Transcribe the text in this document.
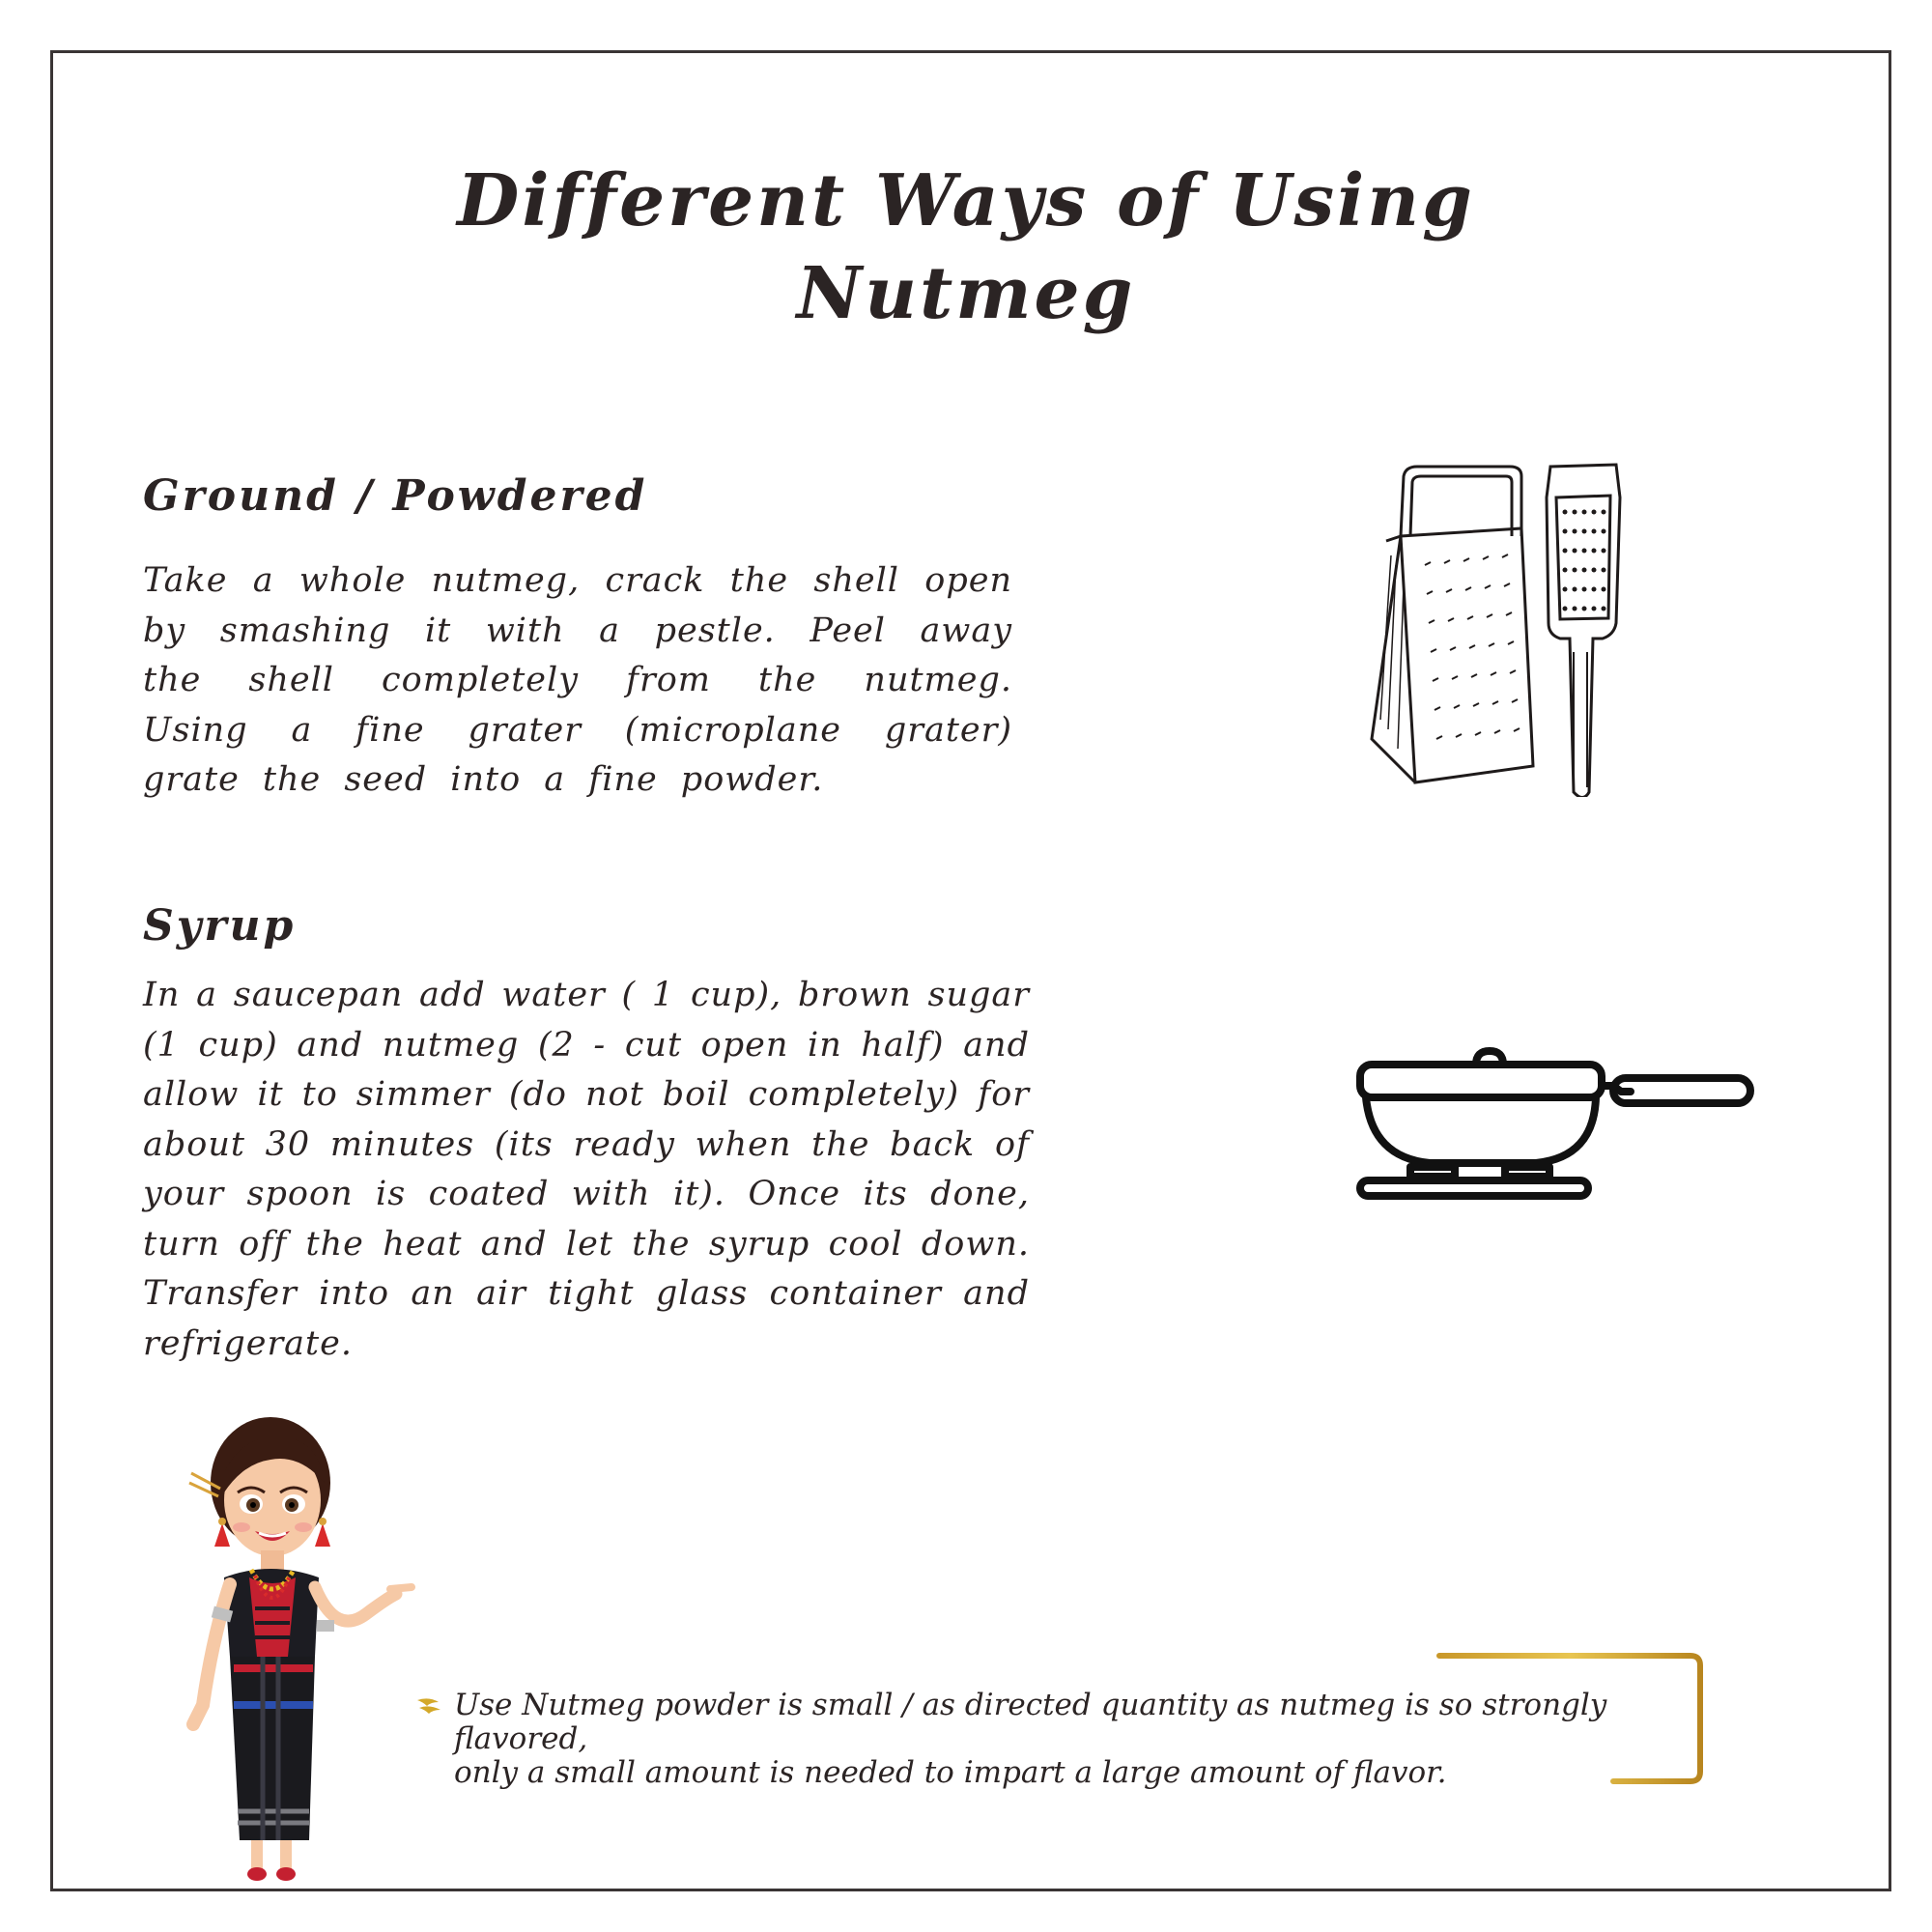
Different Ways of Using
Nutmeg
Ground / Powdered
Take a whole nutmeg, crack the shell open by smashing it with a pestle. Peel away the shell completely from the nutmeg. Using a fine grater (microplane grater) grate the seed into a fine powder.
Syrup
In a saucepan add water ( 1 cup), brown sugar (1 cup) and nutmeg (2 - cut open in half) and allow it to simmer (do not boil completely) for about 30 minutes (its ready when the back of your spoon is coated with it). Once its done, turn off the heat and let the syrup cool down. Transfer into an air tight glass container and refrigerate.
Use Nutmeg powder is small / as directed quantity as nutmeg is so strongly flavored,
only a small amount is needed to impart a large amount of flavor.
